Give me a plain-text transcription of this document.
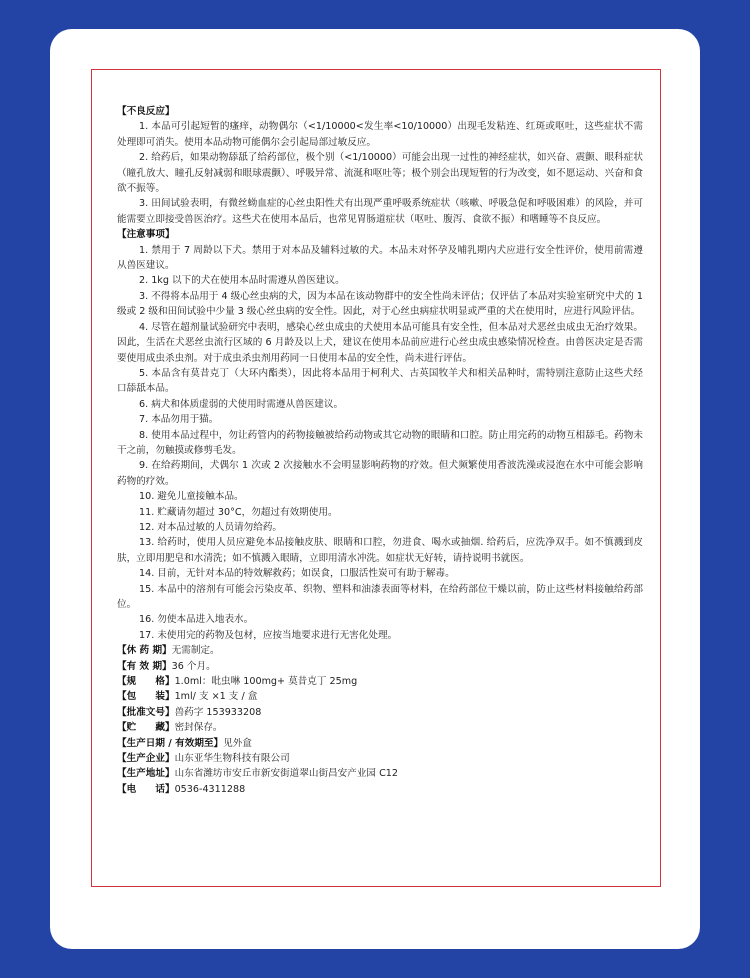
【不良反应】

1. 本品可引起短暂的瘙痒，动物偶尔（<1/10000<发生率<10/10000）出现毛发粘连、红斑或呕吐，这些症状不需处理即可消失。使用本品动物可能偶尔会引起局部过敏反应。

2. 给药后，如果动物舔舐了给药部位，极个别（<1/10000）可能会出现一过性的神经症状，如兴奋、震颤、眼科症状（瞳孔放大、瞳孔反射减弱和眼球震颤）、呼吸异常、流涎和呕吐等；极个别会出现短暂的行为改变，如不愿运动、兴奋和食欲不振等。

3. 田间试验表明，有微丝蚴血症的心丝虫阳性犬有出现严重呼吸系统症状（咳嗽、呼吸急促和呼吸困难）的风险，并可能需要立即接受兽医治疗。这些犬在使用本品后，也常见胃肠道症状（呕吐、腹泻、食欲不振）和嗜睡等不良反应。

【注意事项】

1. 禁用于 7 周龄以下犬。禁用于对本品及辅料过敏的犬。本品未对怀孕及哺乳期内犬应进行安全性评价，使用前需遵从兽医建议。

2. 1kg 以下的犬在使用本品时需遵从兽医建议。

3. 不得将本品用于 4 级心丝虫病的犬，因为本品在该动物群中的安全性尚未评估；仅评估了本品对实验室研究中犬的 1 级或 2 级和田间试验中少量 3 级心丝虫病的安全性。因此，对于心丝虫病症状明显或严重的犬在使用时，应进行风险评估。

4. 尽管在超剂量试验研究中表明，感染心丝虫成虫的犬使用本品可能具有安全性，但本品对犬恶丝虫成虫无治疗效果。因此，生活在犬恶丝虫流行区域的 6 月龄及以上犬，建议在使用本品前应进行心丝虫成虫感染情况检查。由兽医决定是否需要使用成虫杀虫剂。对于成虫杀虫剂用药同一日使用本品的安全性，尚未进行评估。

5. 本品含有莫昔克丁（大环内酯类），因此将本品用于柯利犬、古英国牧羊犬和相关品种时，需特别注意防止这些犬经口舔舐本品。

6. 病犬和体质虚弱的犬使用时需遵从兽医建议。

7. 本品勿用于猫。

8. 使用本品过程中，勿让药管内的药物接触被给药动物或其它动物的眼睛和口腔。防止用完药的动物互相舔毛。药物未干之前，勿触摸或修剪毛发。

9. 在给药期间，犬偶尔 1 次或 2 次接触水不会明显影响药物的疗效。但犬频繁使用香波洗澡或浸泡在水中可能会影响药物的疗效。

10. 避免儿童接触本品。

11. 贮藏请勿超过 30°C，勿超过有效期使用。

12. 对本品过敏的人员请勿给药。

13. 给药时，使用人员应避免本品接触皮肤、眼睛和口腔，勿进食、喝水或抽烟. 给药后，应洗净双手。如不慎溅到皮肤，立即用肥皂和水清洗；如不慎溅入眼睛，立即用清水冲洗。如症状无好转，请持说明书就医。

14. 目前，无针对本品的特效解救药；如误食，口服活性炭可有助于解毒。

15. 本品中的溶剂有可能会污染皮革、织物、塑料和油漆表面等材料，在给药部位干燥以前，防止这些材料接触给药部位。

16. 勿使本品进入地表水。

17. 未使用完的药物及包材，应按当地要求进行无害化处理。

【休 药 期】无需制定。

【有 效 期】36 个月。

【规　　格】1.0ml：吡虫啉 100mg+ 莫昔克丁 25mg

【包　　装】1ml/ 支 ×1 支 / 盒

【批准文号】兽药字 153933208

【贮　　藏】密封保存。

【生产日期 / 有效期至】见外盒

【生产企业】山东亚华生物科技有限公司

【生产地址】山东省潍坊市安丘市新安街道翠山街昌安产业园 C12

【电　　话】0536-4311288
